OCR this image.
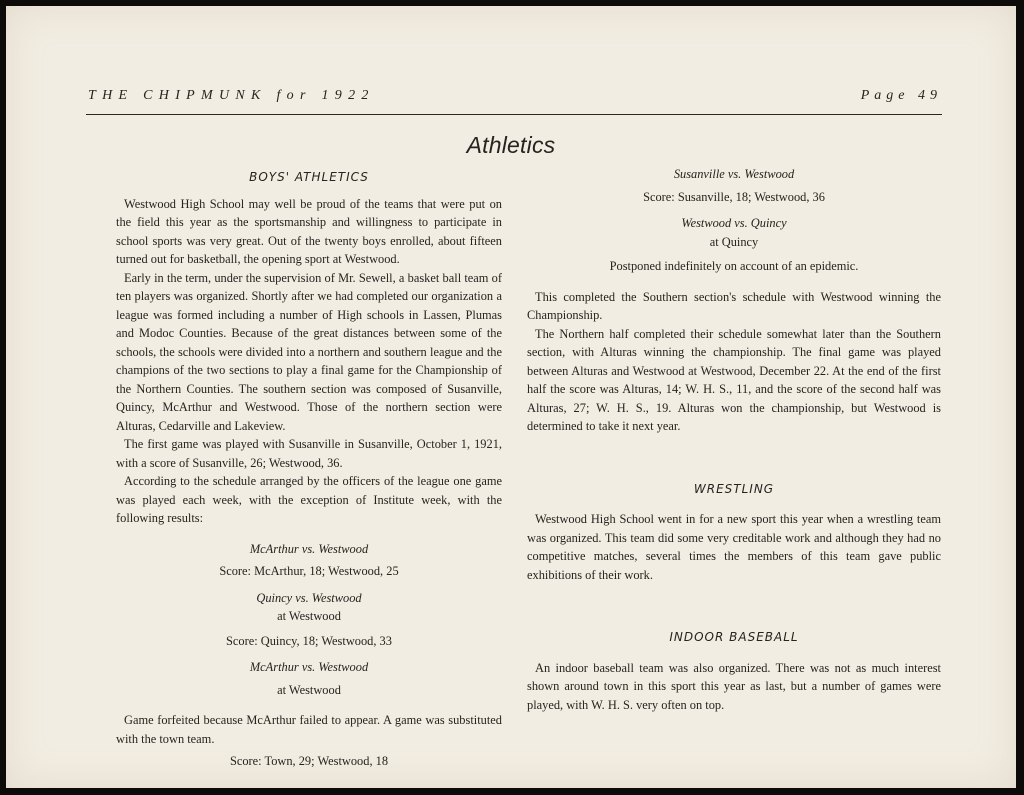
THE CHIPMUNK for 1922	Page 49
Athletics
BOYS' ATHLETICS

Westwood High School may well be proud of the teams that were put on the field this year as the sportsmanship and willingness to participate in school sports was very great. Out of the twenty boys enrolled, about fifteen turned out for basketball, the opening sport at Westwood.

Early in the term, under the supervision of Mr. Sewell, a basket ball team of ten players was organized. Shortly after we had completed our organization a league was formed including a number of High schools in Lassen, Plumas and Modoc Counties. Because of the great distances between some of the schools, the schools were divided into a northern and southern league and the champions of the two sections to play a final game for the Championship of the Northern Counties. The southern section was composed of Susanville, Quincy, McArthur and Westwood. Those of the northern section were Alturas, Cedarville and Lakeview.

The first game was played with Susanville in Susanville, October 1, 1921, with a score of Susanville, 26; Westwood, 36.

According to the schedule arranged by the officers of the league one game was played each week, with the exception of Institute week, with the following results:

McArthur vs. Westwood

Score: McArthur, 18; Westwood, 25

Quincy vs. Westwood

at Westwood

Score: Quincy, 18; Westwood, 33

McArthur vs. Westwood

at Westwood

Game forfeited because McArthur failed to appear. A game was substituted with the town team.

Score: Town, 29; Westwood, 18

Susanville vs. Westwood

Score: Susanville, 18; Westwood, 36

Westwood vs. Quincy

at Quincy

Postponed indefinitely on account of an epidemic.

This completed the Southern section's schedule with Westwood winning the Championship.

The Northern half completed their schedule somewhat later than the Southern section, with Alturas winning the championship. The final game was played between Alturas and Westwood at Westwood, December 22. At the end of the first half the score was Alturas, 14; W. H. S., 11, and the score of the second half was Alturas, 27; W. H. S., 19. Alturas won the championship, but Westwood is determined to take it next year.

WRESTLING

Westwood High School went in for a new sport this year when a wrestling team was organized. This team did some very creditable work and although they had no competitive matches, several times the members of this team gave public exhibitions of their work.

INDOOR BASEBALL

An indoor baseball team was also organized. There was not as much interest shown around town in this sport this year as last, but a number of games were played, with W. H. S. very often on top.
